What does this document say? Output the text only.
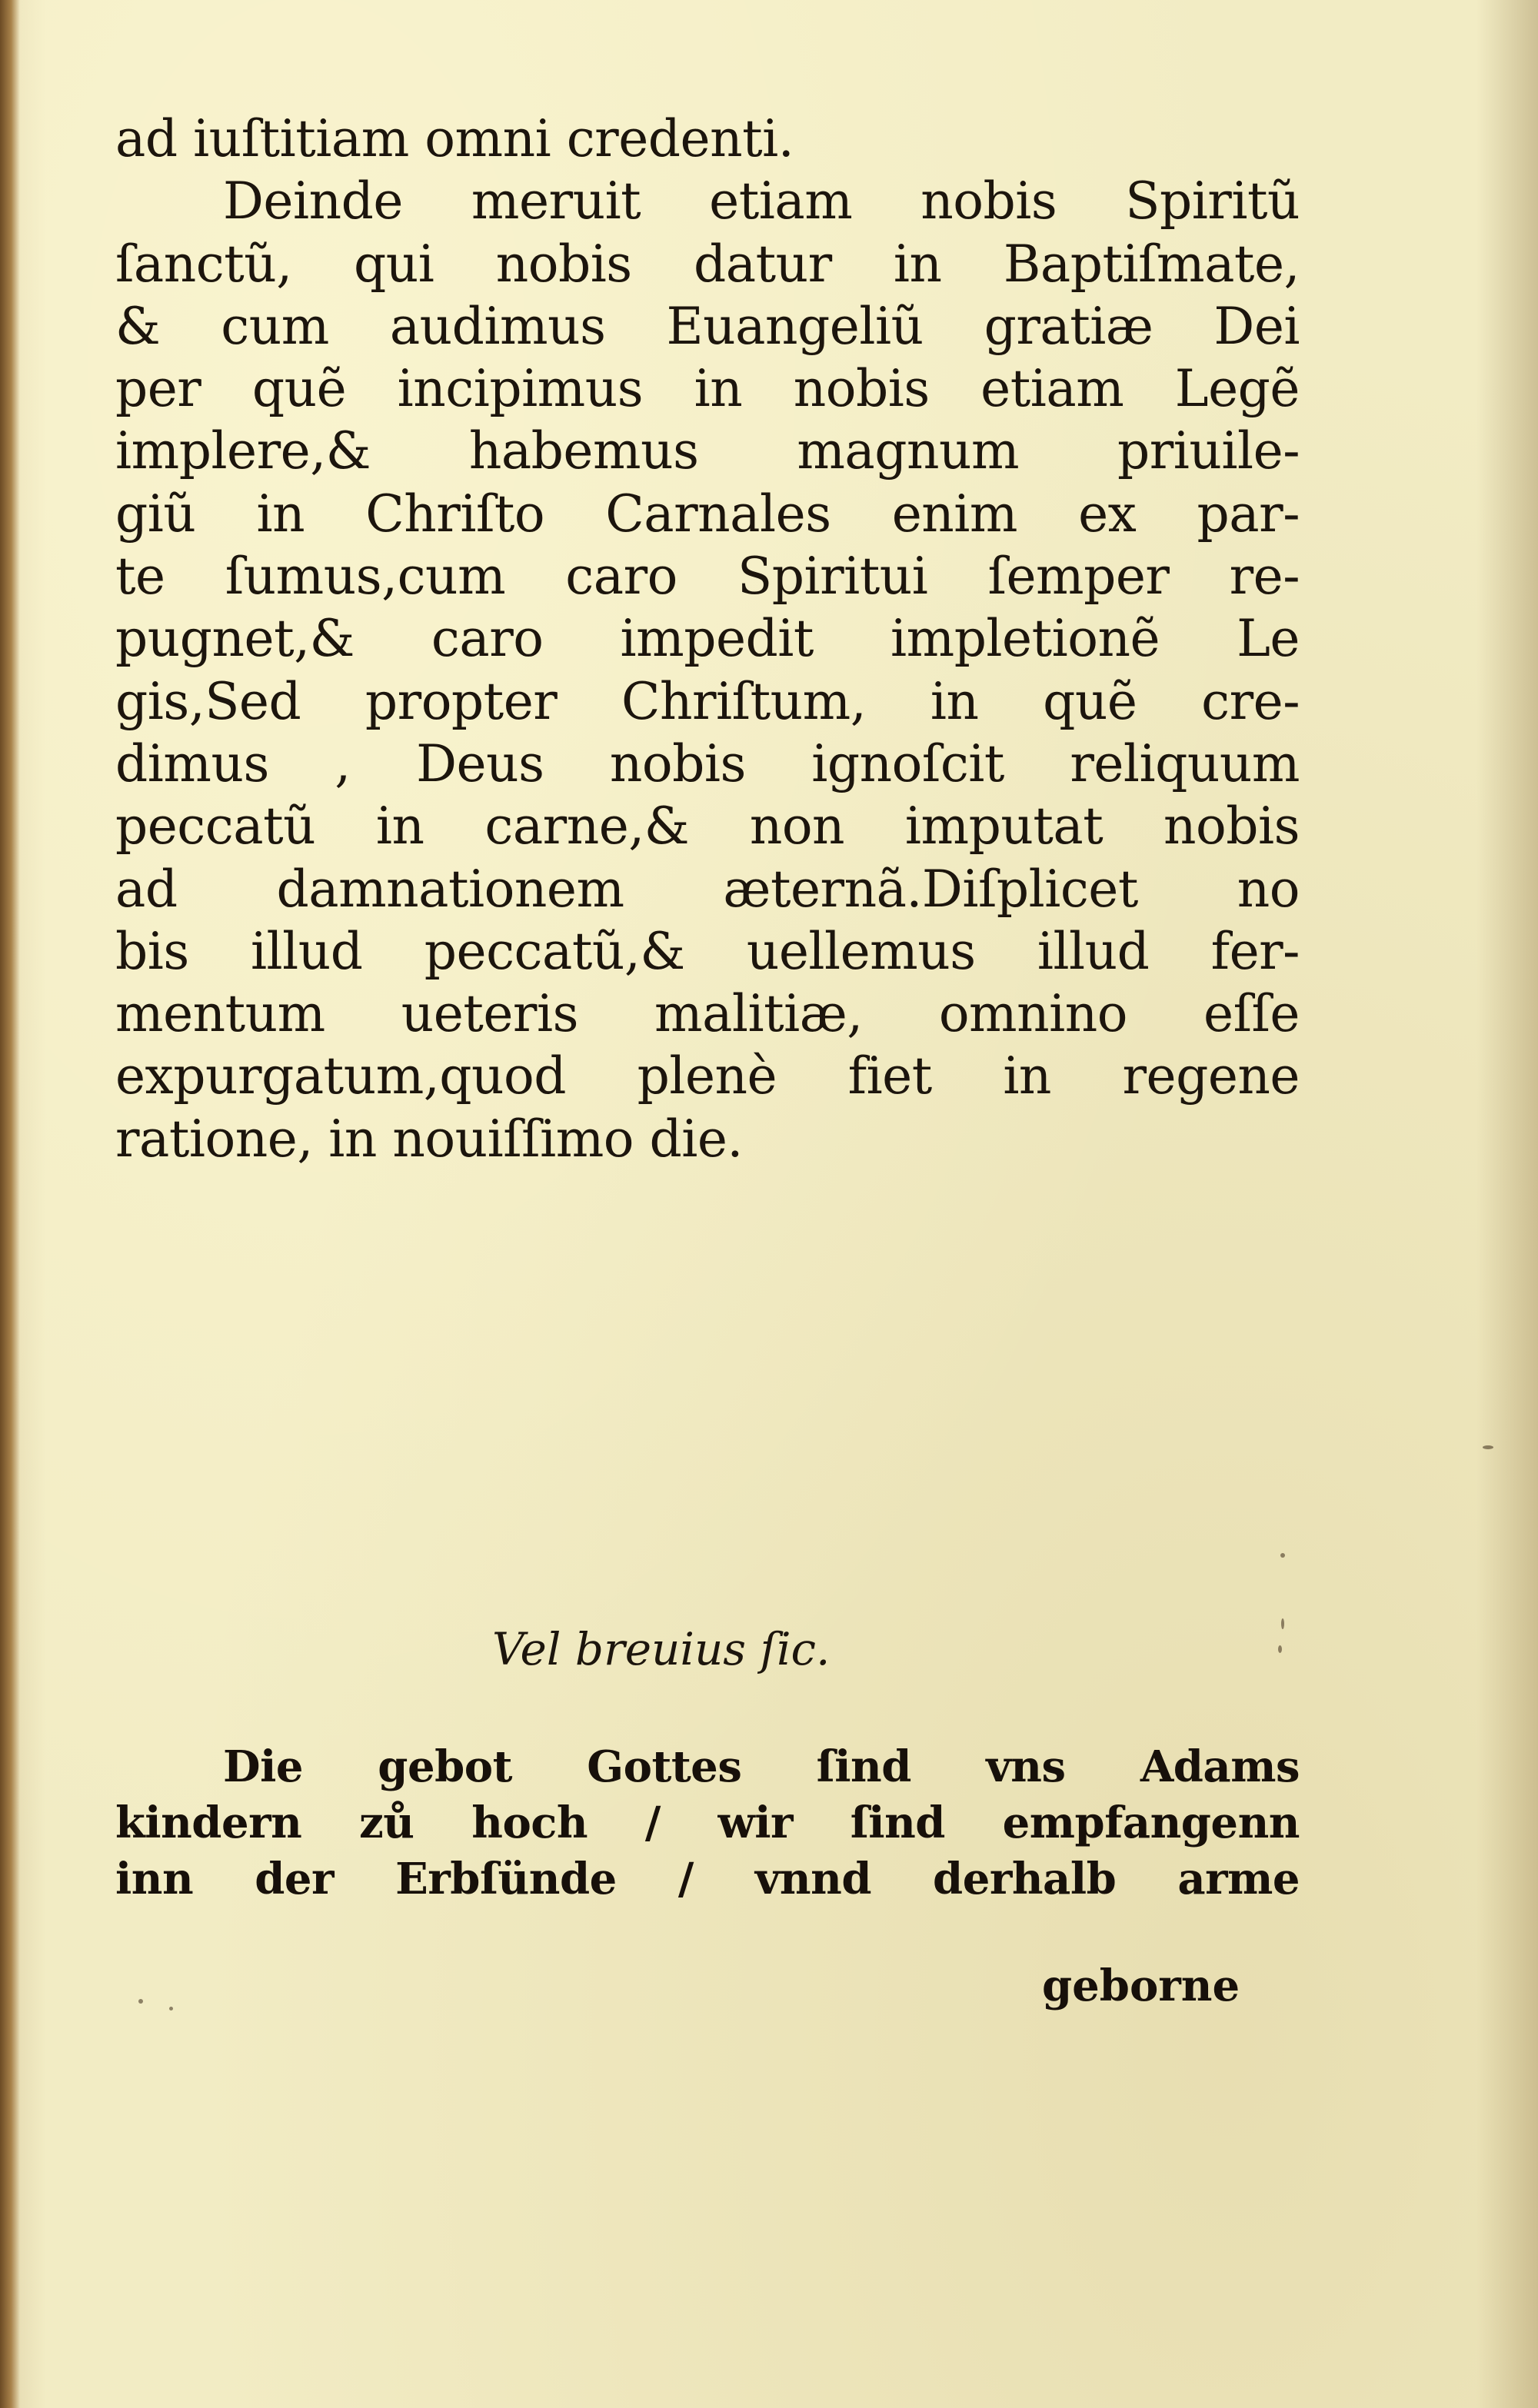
ad iuſtitiam omni credenti.
Deinde meruit etiam nobis Spiritũ
ſanctũ, qui nobis datur in Baptiſmate,
& cum audimus Euangeliũ gratiæ Dei
per quẽ incipimus in nobis etiam Legẽ
implere,& habemus magnum priuile-
giũ in Chriſto Carnales enim ex par-
te ſumus,cum caro Spiritui ſemper re-
pugnet,& caro impedit impletionẽ Le
gis,Sed propter Chriſtum, in quẽ cre-
dimus , Deus nobis ignoſcit reliquum
peccatũ in carne,& non imputat nobis
ad damnationem æternã.Diſplicet no
bis illud peccatũ,& uellemus illud fer-
mentum ueteris malitiæ, omnino eſſe
expurgatum,quod plenè fiet in regene
ratione, in nouiſſimo die.
Vel breuius ſic.
Die gebot Gottes ſind vns Adams
kindern zů hoch / wir ſind empfangenn
inn der Erbſünde / vnnd derhalb arme
geborne
